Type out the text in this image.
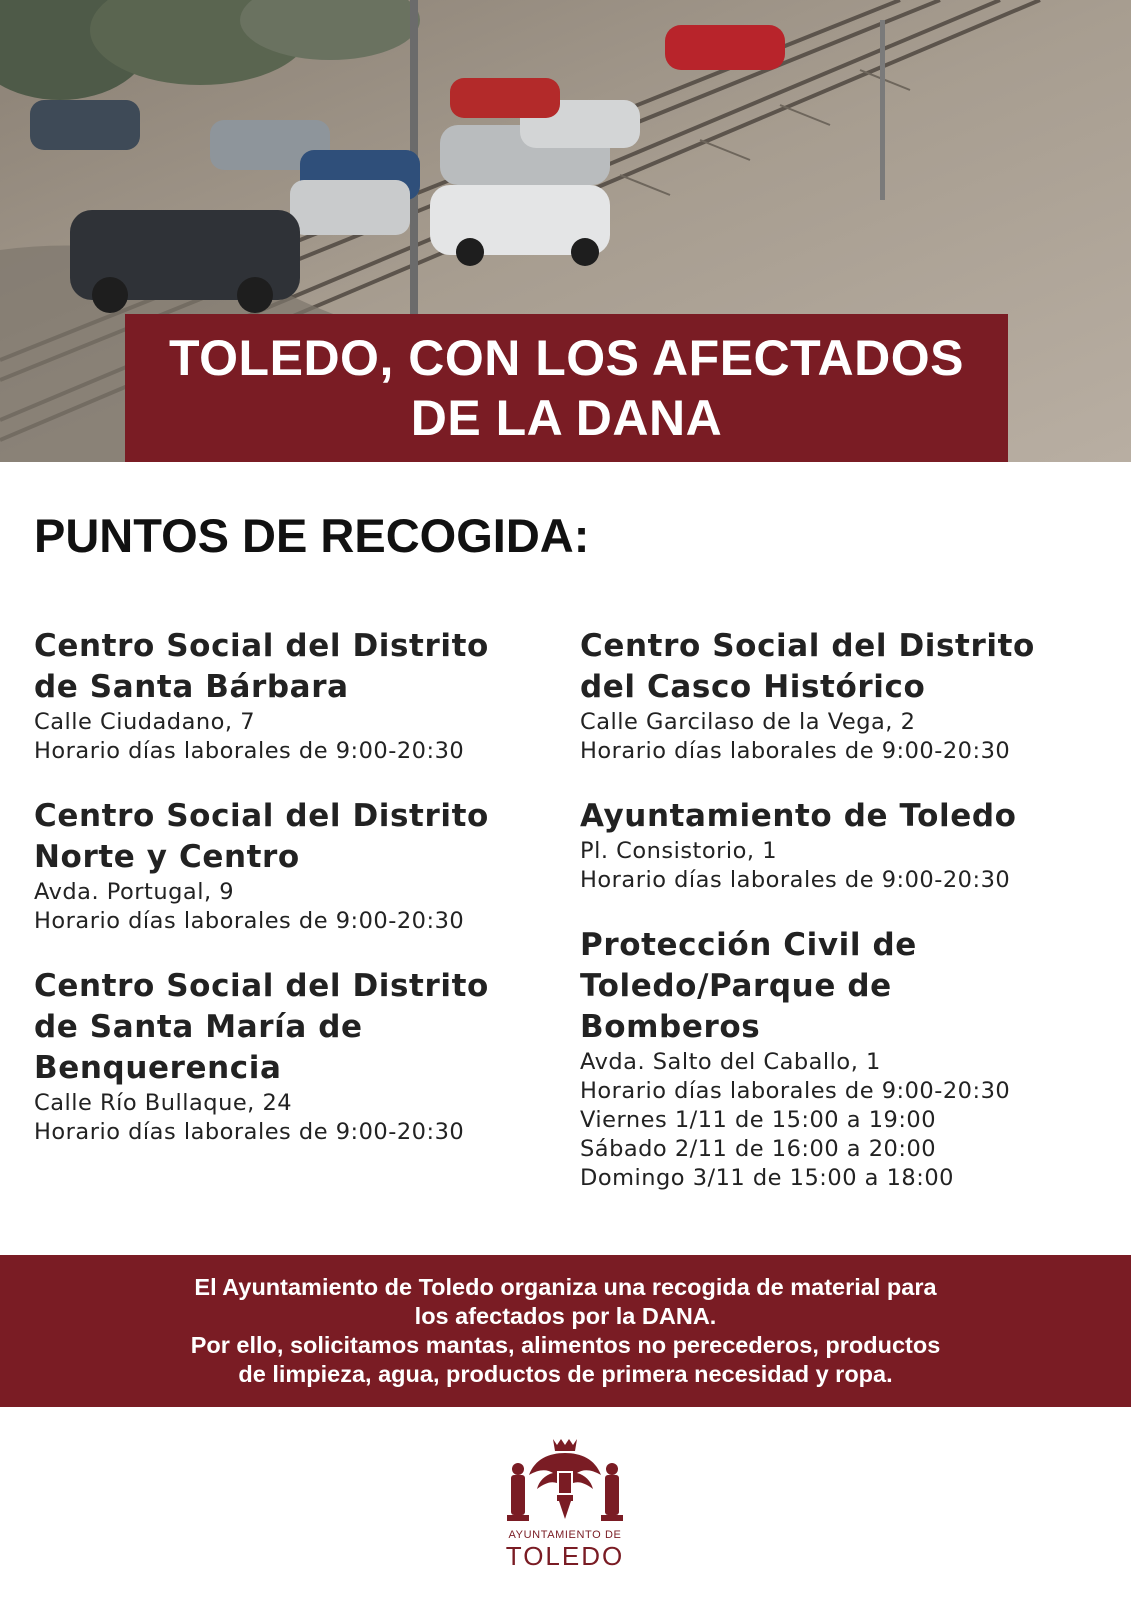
TOLEDO, CON LOS AFECTADOS
DE LA DANA
PUNTOS DE RECOGIDA:
Centro Social del Distrito
de Santa Bárbara
Calle Ciudadano, 7
Horario días laborales de 9:00-20:30
Centro Social del Distrito
Norte y Centro
Avda. Portugal, 9
Horario días laborales de 9:00-20:30
Centro Social del Distrito
de Santa María de
Benquerencia
Calle Río Bullaque, 24
Horario días laborales de 9:00-20:30
Centro Social del Distrito
del Casco Histórico
Calle Garcilaso de la Vega, 2
Horario días laborales de 9:00-20:30
Ayuntamiento de Toledo
Pl. Consistorio, 1
Horario días laborales de 9:00-20:30
Protección Civil de
Toledo/Parque de
Bomberos
Avda. Salto del Caballo, 1
Horario días laborales de 9:00-20:30
Viernes 1/11 de 15:00 a 19:00
Sábado 2/11 de 16:00 a 20:00
Domingo 3/11 de 15:00 a 18:00
El Ayuntamiento de Toledo organiza una recogida de material para
los afectados por la DANA.
Por ello, solicitamos mantas, alimentos no perecederos, productos
de limpieza, agua, productos de primera necesidad y ropa.
AYUNTAMIENTO DE
TOLEDO
